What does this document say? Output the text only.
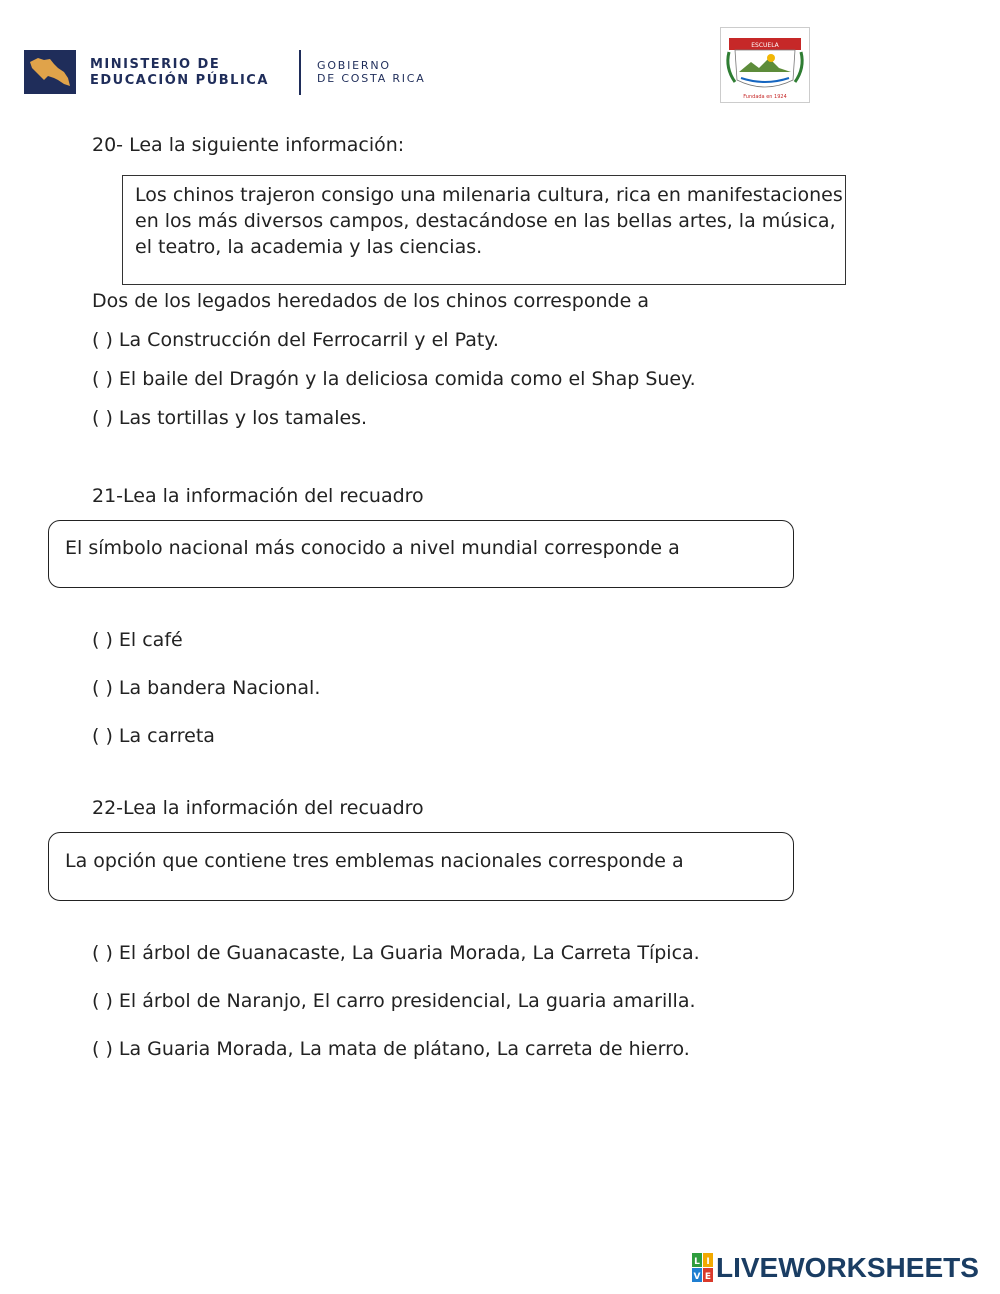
MINISTERIO DE
EDUCACIÓN PÚBLICA
GOBIERNO
DE COSTA RICA
ESCUELA
Fundada en 1924
20- Lea la siguiente información:
Los chinos trajeron consigo una milenaria cultura, rica en manifestaciones
en los más diversos campos, destacándose en las bellas artes, la música,
el teatro, la academia y las ciencias.
Dos de los legados heredados de los chinos corresponde a
( ) La Construcción del Ferrocarril y el Paty.
( ) El baile del Dragón y la deliciosa comida como el Shap Suey.
( ) Las tortillas y los tamales.
21-Lea la información del recuadro
El símbolo nacional más conocido a nivel mundial corresponde a
( ) El café
( ) La bandera Nacional.
( ) La carreta
22-Lea la información del recuadro
La opción que contiene tres emblemas nacionales corresponde a
( ) El árbol de Guanacaste, La Guaria Morada, La Carreta Típica.
( ) El árbol de Naranjo, El carro presidencial, La guaria amarilla.
( ) La Guaria Morada, La mata de plátano, La carreta de hierro.
L I
V E LIVEWORKSHEETS
